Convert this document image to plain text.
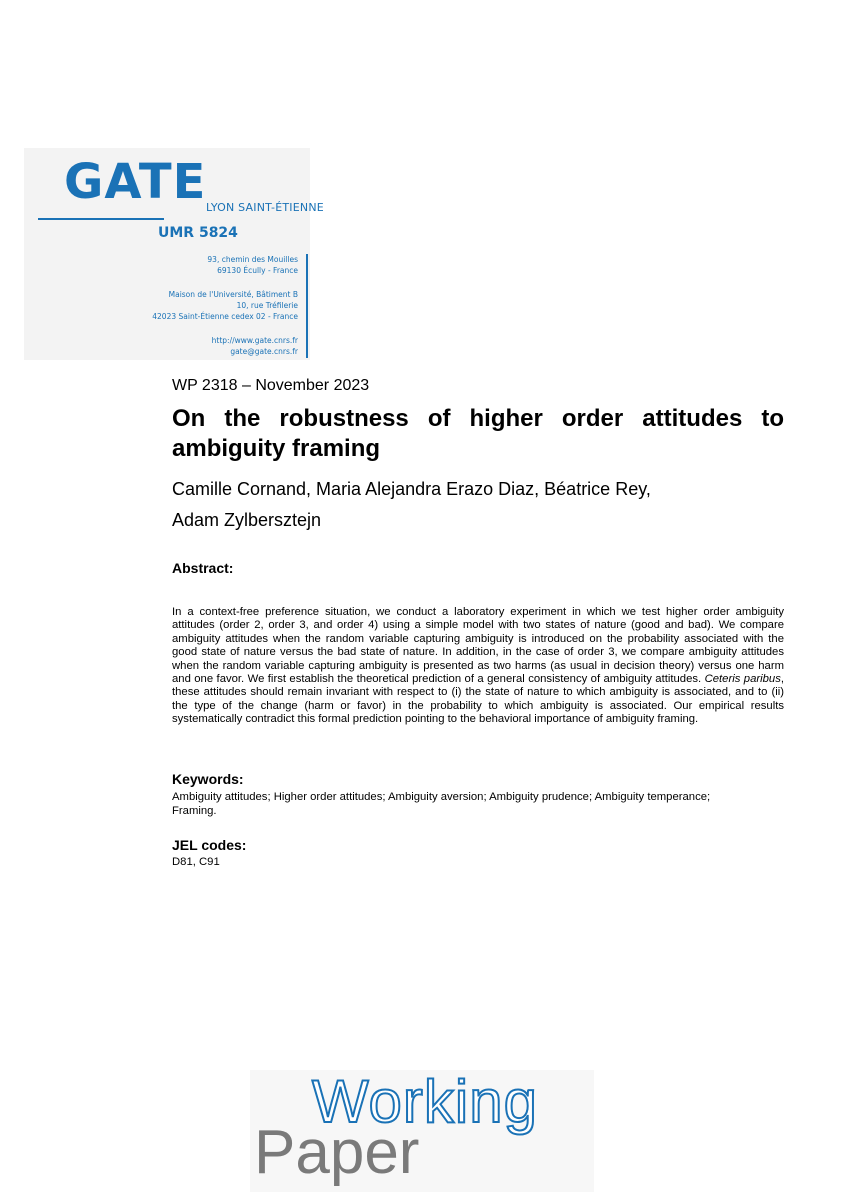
GATE LYON SAINT-ÉTIENNE
UMR 5824
93, chemin des Mouilles
69130 Écully - France
Maison de l'Université, Bâtiment B
10, rue Tréfilerie
42023 Saint-Étienne cedex 02 - France
http://www.gate.cnrs.fr
gate@gate.cnrs.fr
WP 2318 – November 2023
On the robustness of higher order attitudes to ambiguity framing
Camille Cornand, Maria Alejandra Erazo Diaz, Béatrice Rey,
Adam Zylbersztejn
Abstract:
In a context-free preference situation, we conduct a laboratory experiment in which we test higher order ambiguity attitudes (order 2, order 3, and order 4) using a simple model with two states of nature (good and bad). We compare ambiguity attitudes when the random variable capturing ambiguity is introduced on the probability associated with the good state of nature versus the bad state of nature. In addition, in the case of order 3, we compare ambiguity attitudes when the random variable capturing ambiguity is presented as two harms (as usual in decision theory) versus one harm and one favor. We first establish the theoretical prediction of a general consistency of ambiguity attitudes. Ceteris paribus, these attitudes should remain invariant with respect to (i) the state of nature to which ambiguity is associated, and to (ii) the type of the change (harm or favor) in the probability to which ambiguity is associated. Our empirical results systematically contradict this formal prediction pointing to the behavioral importance of ambiguity framing.
Keywords:
Ambiguity attitudes; Higher order attitudes; Ambiguity aversion; Ambiguity prudence; Ambiguity temperance; Framing.
JEL codes:
D81, C91
Working
Paper
